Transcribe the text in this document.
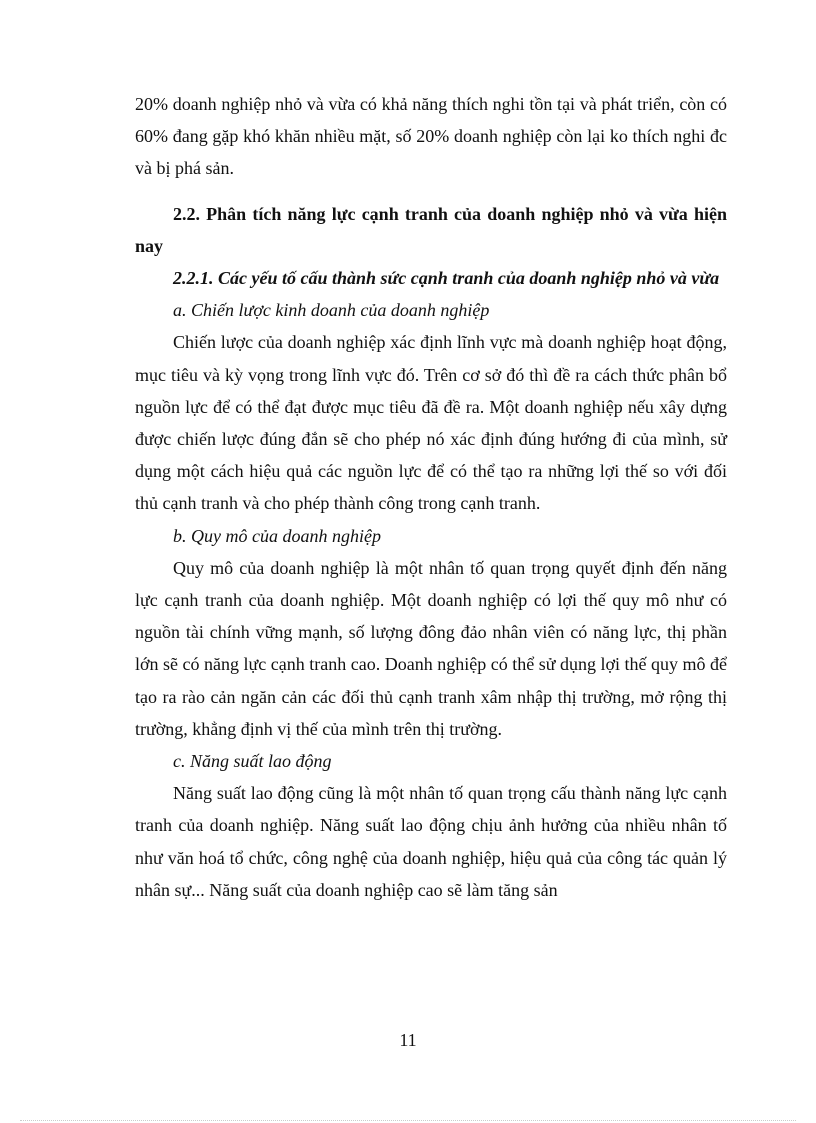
20% doanh nghiệp nhỏ và vừa có khả năng thích nghi tồn tại và phát triển, còn có 60% đang gặp khó khăn nhiều mặt, số 20% doanh nghiệp còn lại ko thích nghi đc và bị phá sản.

2.2. Phân tích năng lực cạnh tranh của doanh nghiệp nhỏ và vừa hiện nay

2.2.1. Các yếu tố cấu thành sức cạnh tranh của doanh nghiệp nhỏ và vừa

a. Chiến lược kinh doanh của doanh nghiệp

Chiến lược của doanh nghiệp xác định lĩnh vực mà doanh nghiệp hoạt động, mục tiêu và kỳ vọng trong lĩnh vực đó. Trên cơ sở đó thì đề ra cách thức phân bổ nguồn lực để có thể đạt được mục tiêu đã đề ra. Một doanh nghiệp nếu xây dựng được chiến lược đúng đắn sẽ cho phép nó xác định đúng hướng đi của mình, sử dụng một cách hiệu quả các nguồn lực để có thể tạo ra những lợi thế so với đối thủ cạnh tranh và cho phép thành công trong cạnh tranh.

b. Quy mô của doanh nghiệp

Quy mô của doanh nghiệp là một nhân tố quan trọng quyết định đến năng lực cạnh tranh của doanh nghiệp. Một doanh nghiệp có lợi thế quy mô như có nguồn tài chính vững mạnh, số lượng đông đảo nhân viên có năng lực, thị phần lớn sẽ có năng lực cạnh tranh cao. Doanh nghiệp có thể sử dụng lợi thế quy mô để tạo ra rào cản ngăn cản các đối thủ cạnh tranh xâm nhập thị trường, mở rộng thị trường, khẳng định vị thế của mình trên thị trường.

c. Năng suất lao động

Năng suất lao động cũng là một nhân tố quan trọng cấu thành năng lực cạnh tranh của doanh nghiệp. Năng suất lao động chịu ảnh hưởng của nhiều nhân tố như văn hoá tổ chức, công nghệ của doanh nghiệp, hiệu quả của công tác quản lý nhân sự... Năng suất của doanh nghiệp cao sẽ làm tăng sản

11
